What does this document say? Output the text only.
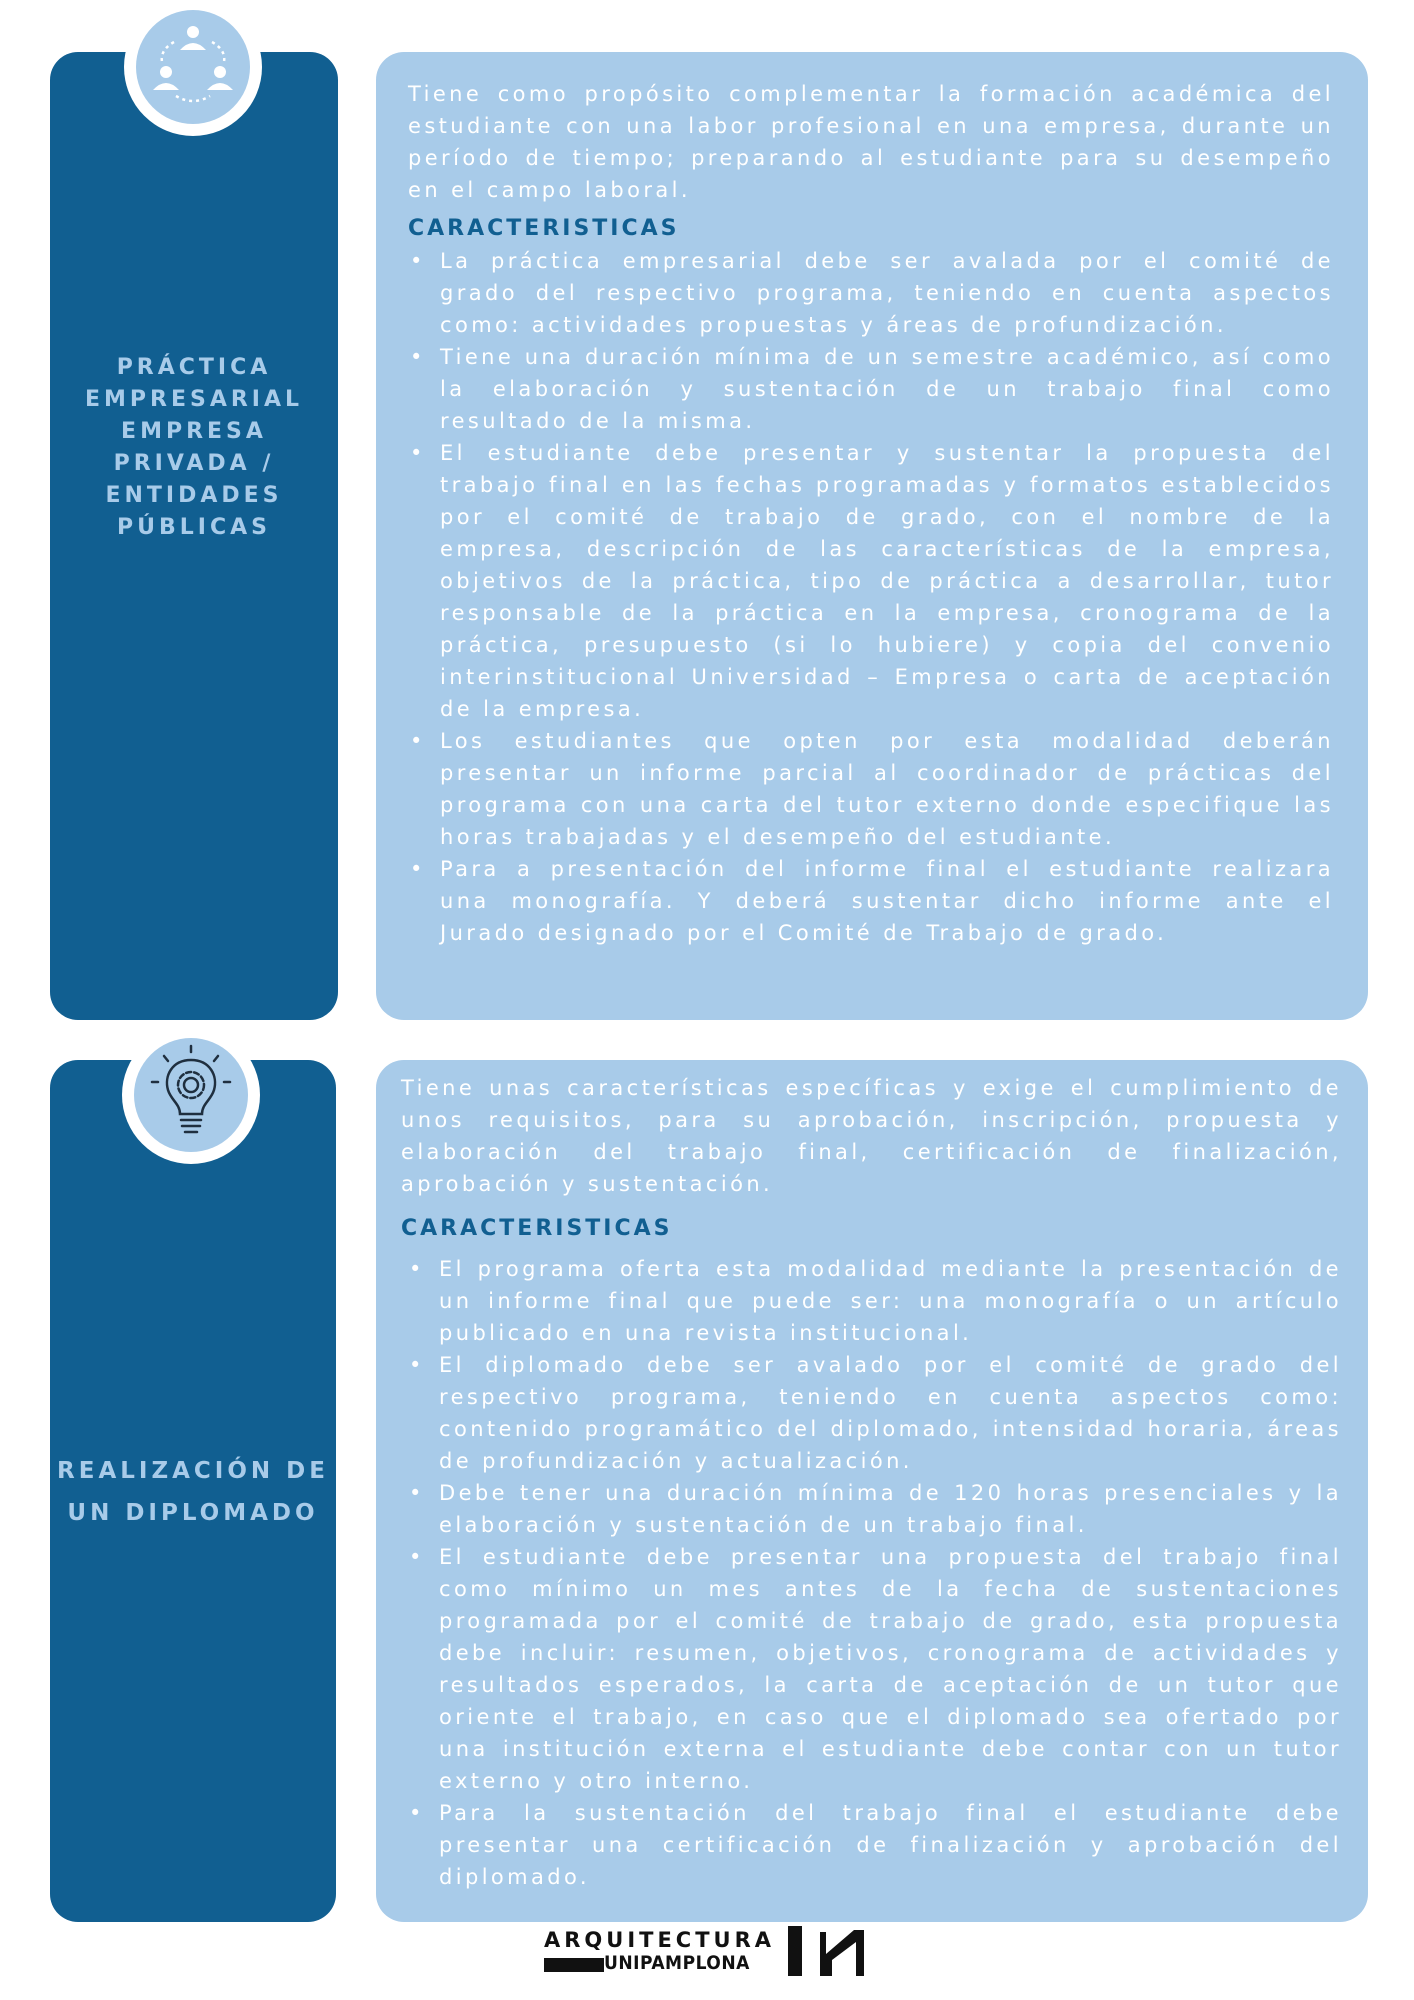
PRÁCTICA
EMPRESARIAL
EMPRESA
PRIVADA /
ENTIDADES
PÚBLICAS

Tiene como propósito complementar la formación académica del estudiante con una labor profesional en una empresa, durante un período de tiempo; preparando al estudiante para su desempeño en el campo laboral.

CARACTERISTICAS

• La práctica empresarial debe ser avalada por el comité de grado del respectivo programa, teniendo en cuenta aspectos como: actividades propuestas y áreas de profundización.
• Tiene una duración mínima de un semestre académico, así como la elaboración y sustentación de un trabajo final como resultado de la misma.
• El estudiante debe presentar y sustentar la propuesta del trabajo final en las fechas programadas y formatos establecidos por el comité de trabajo de grado, con el nombre de la empresa, descripción de las características de la empresa, objetivos de la práctica, tipo de práctica a desarrollar, tutor responsable de la práctica en la empresa, cronograma de la práctica, presupuesto (si lo hubiere) y copia del convenio interinstitucional Universidad – Empresa o carta de aceptación de la empresa.
• Los estudiantes que opten por esta modalidad deberán presentar un informe parcial al coordinador de prácticas del programa con una carta del tutor externo donde especifique las horas trabajadas y el desempeño del estudiante.
• Para a presentación del informe final el estudiante realizara una monografía. Y deberá sustentar dicho informe ante el Jurado designado por el Comité de Trabajo de grado.
REALIZACIÓN DE
UN DIPLOMADO

Tiene unas características específicas y exige el cumplimiento de unos requisitos, para su aprobación, inscripción, propuesta y elaboración del trabajo final, certificación de finalización, aprobación y sustentación.

CARACTERISTICAS

• El programa oferta esta modalidad mediante la presentación de un informe final que puede ser: una monografía o un artículo publicado en una revista institucional.
• El diplomado debe ser avalado por el comité de grado del respectivo programa, teniendo en cuenta aspectos como: contenido programático del diplomado, intensidad horaria, áreas de profundización y actualización.
• Debe tener una duración mínima de 120 horas presenciales y la elaboración y sustentación de un trabajo final.
• El estudiante debe presentar una propuesta del trabajo final como mínimo un mes antes de la fecha de sustentaciones programada por el comité de trabajo de grado, esta propuesta debe incluir: resumen, objetivos, cronograma de actividades y resultados esperados, la carta de aceptación de un tutor que oriente el trabajo, en caso que el diplomado sea ofertado por una institución externa el estudiante debe contar con un tutor externo y otro interno.
• Para la sustentación del trabajo final el estudiante debe presentar una certificación de finalización y aprobación del diplomado.
ARQUITECTURA
UNIPAMPLONA
